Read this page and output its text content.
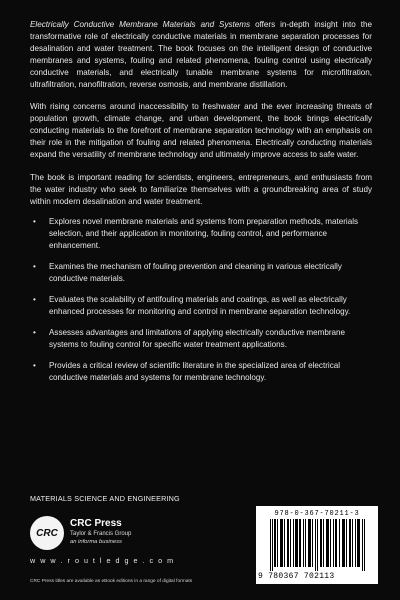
Electrically Conductive Membrane Materials and Systems offers in-depth insight into the transformative role of electrically conductive materials in membrane separation processes for desalination and water treatment. The book focuses on the intelligent design of conductive membranes and systems, fouling and related phenomena, fouling control using electrically conductive materials, and electrically tunable membrane systems for microfiltration, ultrafiltration, nanofiltration, reverse osmosis, and membrane distillation.

With rising concerns around inaccessibility to freshwater and the ever increasing threats of population growth, climate change, and urban development, the book brings electrically conducting materials to the forefront of membrane separation technology with an emphasis on their role in the mitigation of fouling and related phenomena. Electrically conducting materials expand the versatility of membrane technology and ultimately improve access to safe water.

The book is important reading for scientists, engineers, entrepreneurs, and enthusiasts from the water industry who seek to familiarize themselves with a groundbreaking area of study within modern desalination and water treatment.

• Explores novel membrane materials and systems from preparation methods, materials selection, and their application in monitoring, fouling control, and performance enhancement.
• Examines the mechanism of fouling prevention and cleaning in various electrically conductive materials.
• Evaluates the scalability of antifouling materials and coatings, as well as electrically enhanced processes for monitoring and control in membrane separation technology.
• Assesses advantages and limitations of applying electrically conductive membrane systems to fouling control for specific water treatment applications.
• Provides a critical review of scientific literature in the specialized area of electrical conductive materials and systems for membrane technology.
MATERIALS SCIENCE AND ENGINEERING
CRC
CRC Press
Taylor & Francis Group
an informa business
w w w . r o u t l e d g e . c o m
CRC Press titles are available as eBook editions in a range of digital formats
978-0-367-70211-3
9 780367 702113
